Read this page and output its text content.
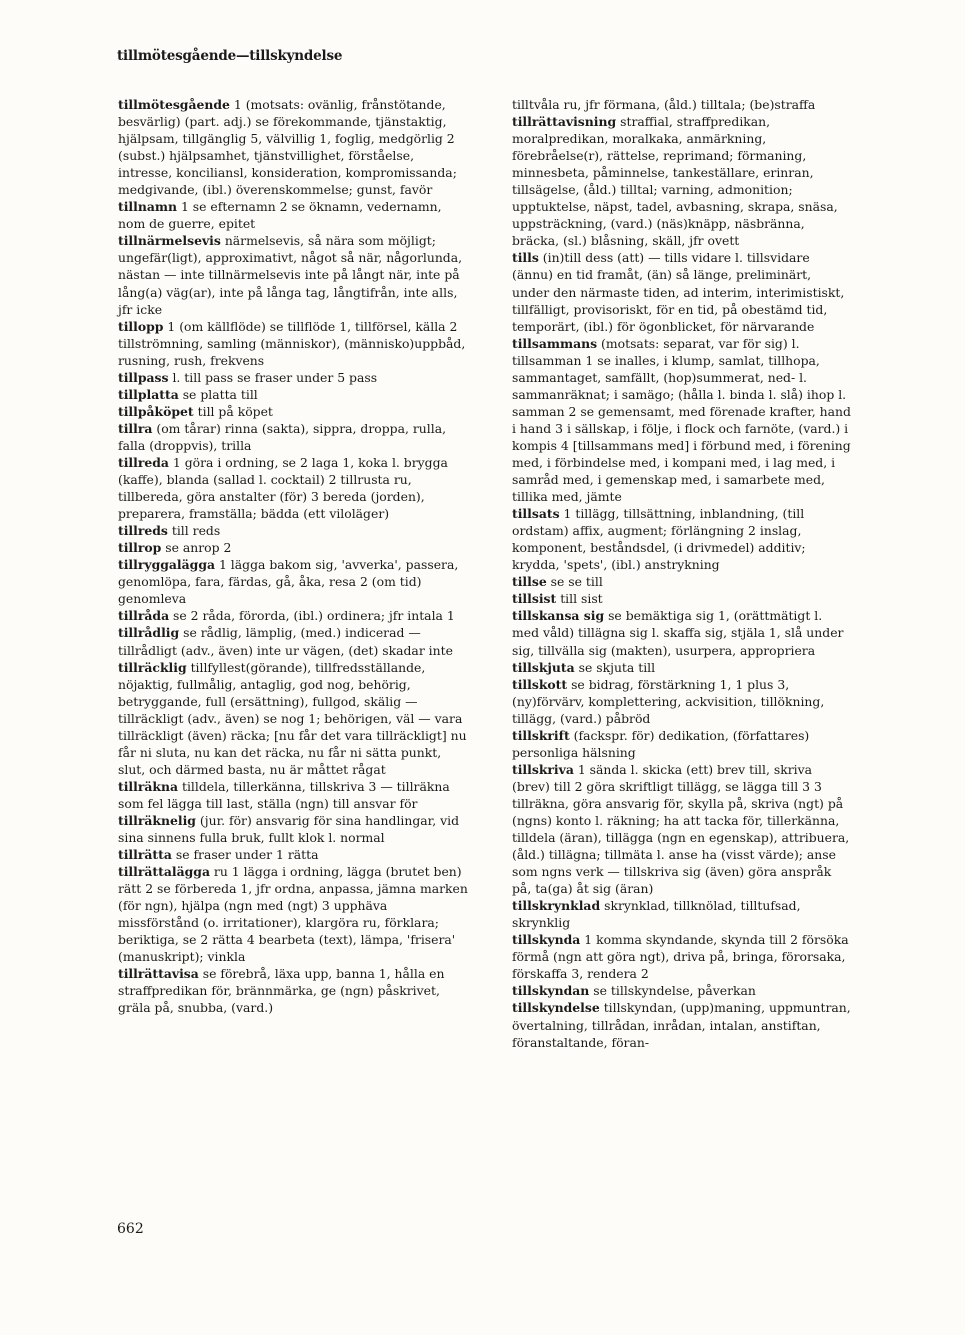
tillmötesgående—tillskyndelse

tillmötesgående 1 (motsats: ovänlig, frånstötande, besvärlig) (part. adj.) se förekommande, tjänstaktig, hjälpsam, tillgänglig 5, välvillig 1, foglig, medgörlig 2 (subst.) hjälpsamhet, tjänstvillighet, förståelse, intresse, konciliansl, konsideration, kompromissanda; medgivande, (ibl.) överenskommelse; gunst, favör

tillnamn 1 se efternamn 2 se öknamn, vedernamn, nom de guerre, epitet

tillnärmelsevis närmelsevis, så nära som möjligt; ungefär(ligt), approximativt, något så när, någorlunda, nästan — inte tillnärmelsevis inte på långt när, inte på lång(a) väg(ar), inte på långa tag, långtifrån, inte alls, jfr icke

tillopp 1 (om källflöde) se tillflöde 1, tillförsel, källa 2 tillströmning, samling (människor), (människo)uppbåd, rusning, rush, frekvens

tillpass l. till pass se fraser under 5 pass

tillplatta se platta till

tillpåköpet till på köpet

tillra (om tårar) rinna (sakta), sippra, droppa, rulla, falla (droppvis), trilla

tillreda 1 göra i ordning, se 2 laga 1, koka l. brygga (kaffe), blanda (sallad l. cocktail) 2 tillrusta ru, tillbereda, göra anstalter (för) 3 bereda (jorden), preparera, framställa; bädda (ett viloläger)

tillreds till reds

tillrop se anrop 2

tillryggalägga 1 lägga bakom sig, 'avverka', passera, genomlöpa, fara, färdas, gå, åka, resa 2 (om tid) genomleva

tillråda se 2 råda, förorda, (ibl.) ordinera; jfr intala 1

tillrådlig se rådlig, lämplig, (med.) indicerad — tillrådligt (adv., även) inte ur vägen, (det) skadar inte

tillräcklig tillfyllest(görande), tillfredsställande, nöjaktig, fullmålig, antaglig, god nog, behörig, betryggande, full (ersättning), fullgod, skälig — tillräckligt (adv., även) se nog 1; behörigen, väl — vara tillräckligt (även) räcka; [nu får det vara tillräckligt] nu får ni sluta, nu kan det räcka, nu får ni sätta punkt, slut, och därmed basta, nu är måttet rågat

tillräkna tilldela, tillerkänna, tillskriva 3 — tillräkna som fel lägga till last, ställa (ngn) till ansvar för

tillräknelig (jur. för) ansvarig för sina handlingar, vid sina sinnens fulla bruk, fullt klok l. normal

tillrätta se fraser under 1 rätta

tillrättalägga ru 1 lägga i ordning, lägga (brutet ben) rätt 2 se förbereda 1, jfr ordna, anpassa, jämna marken (för ngn), hjälpa (ngn med (ngt) 3 upphäva missförstånd (o. irritationer), klargöra ru, förklara; beriktiga, se 2 rätta 4 bearbeta (text), lämpa, 'frisera' (manuskript); vinkla

tillrättavisa se förebrå, läxa upp, banna 1, hålla en straffpredikan för, brännmärka, ge (ngn) påskrivet, gräla på, snubba, (vard.)

tilltvåla ru, jfr förmana, (åld.) tilltala; (be)straffa

tillrättavisning straffial, straffpredikan, moralpredikan, moralkaka, anmärkning, förebråelse(r), rättelse, reprimand; förmaning, minnesbeta, påminnelse, tankeställare, erinran, tillsägelse, (åld.) tilltal; varning, admonition; upptuktelse, näpst, tadel, avbasning, skrapa, snäsa, uppsträckning, (vard.) (näs)knäpp, näsbränna, bräcka, (sl.) blåsning, skäll, jfr ovett

tills (in)till dess (att) — tills vidare l. tillsvidare (ännu) en tid framåt, (än) så länge, preliminärt, under den närmaste tiden, ad interim, interimistiskt, tillfälligt, provisoriskt, för en tid, på obestämd tid, temporärt, (ibl.) för ögonblicket, för närvarande

tillsammans (motsats: separat, var för sig) l. tillsamman 1 se inalles, i klump, samlat, tillhopa, sammantaget, samfällt, (hop)summerat, ned- l. sammanräknat; i samägo; (hålla l. binda l. slå) ihop l. samman 2 se gemensamt, med förenade krafter, hand i hand 3 i sällskap, i följe, i flock och farnöte, (vard.) i kompis 4 [tillsammans med] i förbund med, i förening med, i förbindelse med, i kompani med, i lag med, i samråd med, i gemenskap med, i samarbete med, tillika med, jämte

tillsats 1 tillägg, tillsättning, inblandning, (till ordstam) affix, augment; förlängning 2 inslag, komponent, beståndsdel, (i drivmedel) additiv; krydda, 'spets', (ibl.) anstrykning

tillse se se till

tillsist till sist

tillskansa sig se bemäktiga sig 1, (orättmätigt l. med våld) tillägna sig l. skaffa sig, stjäla 1, slå under sig, tillvälla sig (makten), usurpera, appropriera

tillskjuta se skjuta till

tillskott se bidrag, förstärkning 1, 1 plus 3, (ny)förvärv, komplettering, ackvisition, tillökning, tillägg, (vard.) påbröd

tillskrift (fackspr. för) dedikation, (författares) personliga hälsning

tillskriva 1 sända l. skicka (ett) brev till, skriva (brev) till 2 göra skriftligt tillägg, se lägga till 3 3 tillräkna, göra ansvarig för, skylla på, skriva (ngt) på (ngns) konto l. räkning; ha att tacka för, tillerkänna, tilldela (äran), tillägga (ngn en egenskap), attribuera, (åld.) tillägna; tillmäta l. anse ha (visst värde); anse som ngns verk — tillskriva sig (även) göra anspråk på, ta(ga) åt sig (äran)

tillskrynklad skrynklad, tillknölad, tilltufsad, skrynklig

tillskynda 1 komma skyndande, skynda till 2 försöka förmå (ngn att göra ngt), driva på, bringa, förorsaka, förskaffa 3, rendera 2

tillskyndan se tillskyndelse, påverkan

tillskyndelse tillskyndan, (upp)maning, uppmuntran, övertalning, tillrådan, inrådan, intalan, anstiftan, föranstaltande, föran-

662
